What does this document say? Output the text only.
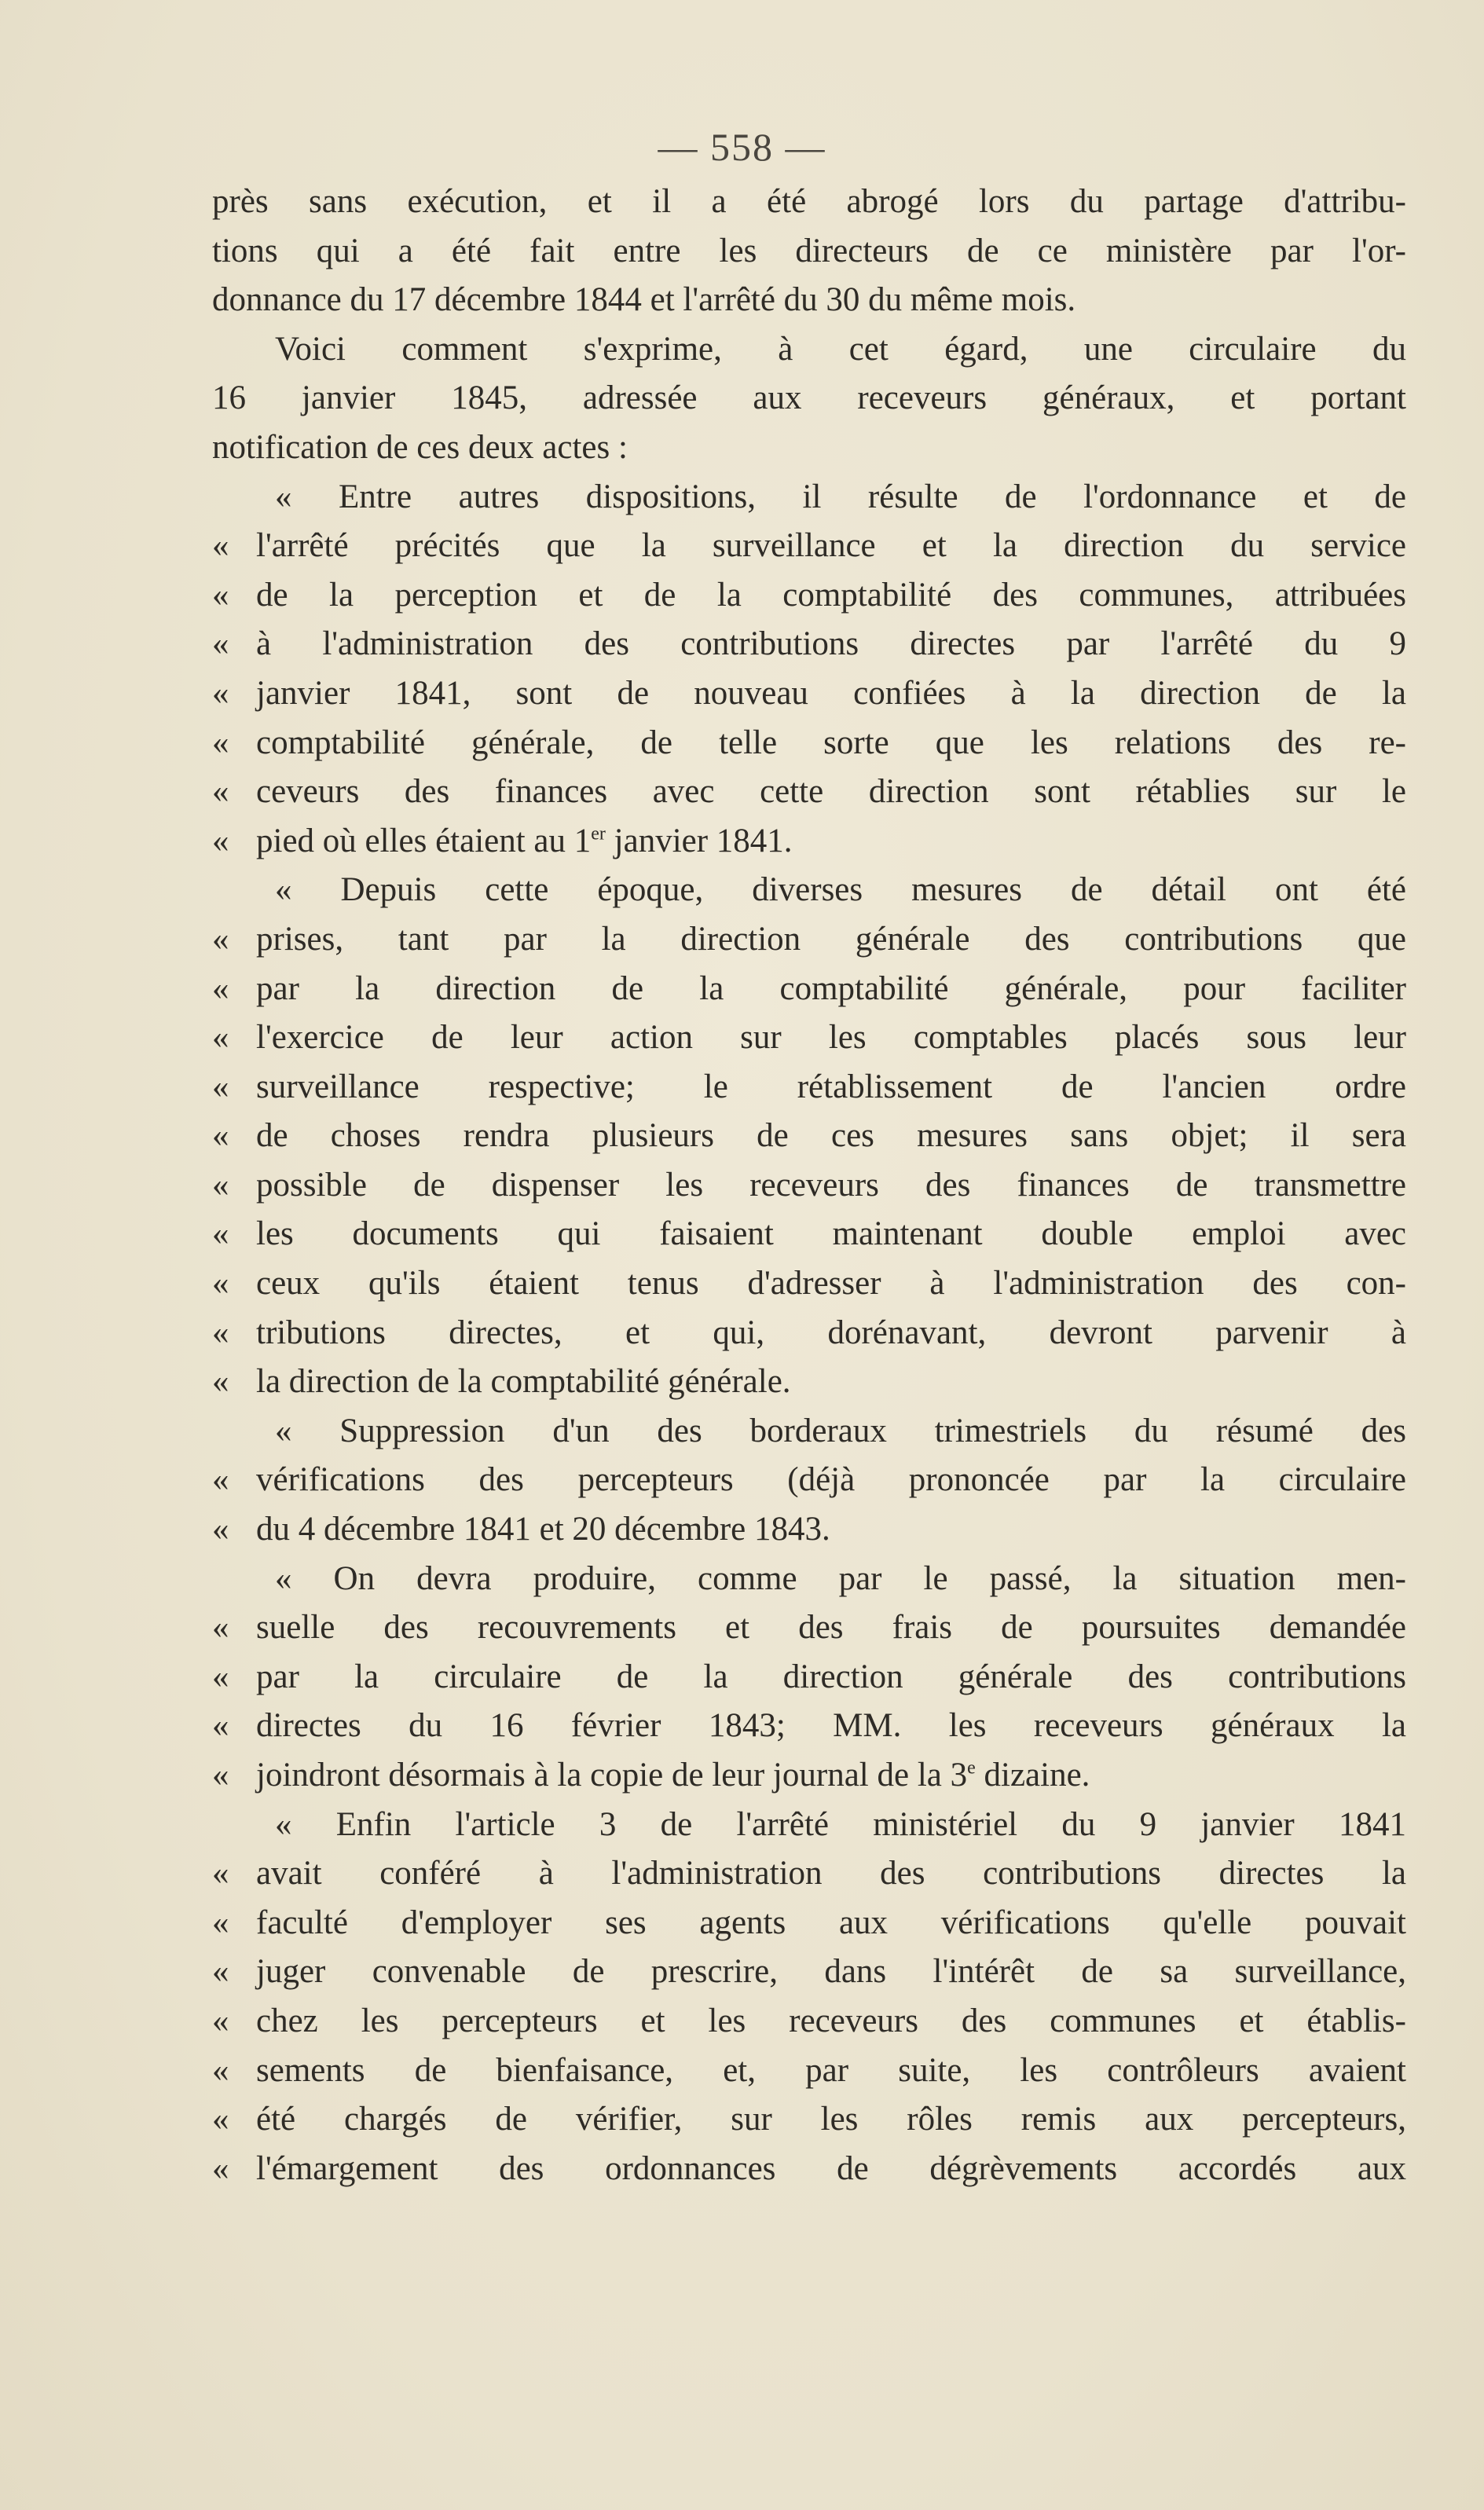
— 558 —
près sans exécution, et il a été abrogé lors du partage d'attribu-
tions qui a été fait entre les directeurs de ce ministère par l'or-
donnance du 17 décembre 1844 et l'arrêté du 30 du même mois.
Voici comment s'exprime, à cet égard, une circulaire du
16 janvier 1845, adressée aux receveurs généraux, et portant
notification de ces deux actes :
« Entre autres dispositions, il résulte de l'ordonnance et de
« l'arrêté précités que la surveillance et la direction du service
« de la perception et de la comptabilité des communes, attribuées
« à l'administration des contributions directes par l'arrêté du 9
« janvier 1841, sont de nouveau confiées à la direction de la
« comptabilité générale, de telle sorte que les relations des re-
« ceveurs des finances avec cette direction sont rétablies sur le
« pied où elles étaient au 1er janvier 1841.
« Depuis cette époque, diverses mesures de détail ont été
« prises, tant par la direction générale des contributions que
« par la direction de la comptabilité générale, pour faciliter
« l'exercice de leur action sur les comptables placés sous leur
« surveillance respective; le rétablissement de l'ancien ordre
« de choses rendra plusieurs de ces mesures sans objet; il sera
« possible de dispenser les receveurs des finances de transmettre
« les documents qui faisaient maintenant double emploi avec
« ceux qu'ils étaient tenus d'adresser à l'administration des con-
« tributions directes, et qui, dorénavant, devront parvenir à
« la direction de la comptabilité générale.
« Suppression d'un des borderaux trimestriels du résumé des
« vérifications des percepteurs (déjà prononcée par la circulaire
« du 4 décembre 1841 et 20 décembre 1843.
« On devra produire, comme par le passé, la situation men-
« suelle des recouvrements et des frais de poursuites demandée
« par la circulaire de la direction générale des contributions
« directes du 16 février 1843; MM. les receveurs généraux la
« joindront désormais à la copie de leur journal de la 3e dizaine.
« Enfin l'article 3 de l'arrêté ministériel du 9 janvier 1841
« avait conféré à l'administration des contributions directes la
« faculté d'employer ses agents aux vérifications qu'elle pouvait
« juger convenable de prescrire, dans l'intérêt de sa surveillance,
« chez les percepteurs et les receveurs des communes et établis-
« sements de bienfaisance, et, par suite, les contrôleurs avaient
« été chargés de vérifier, sur les rôles remis aux percepteurs,
« l'émargement des ordonnances de dégrèvements accordés aux
